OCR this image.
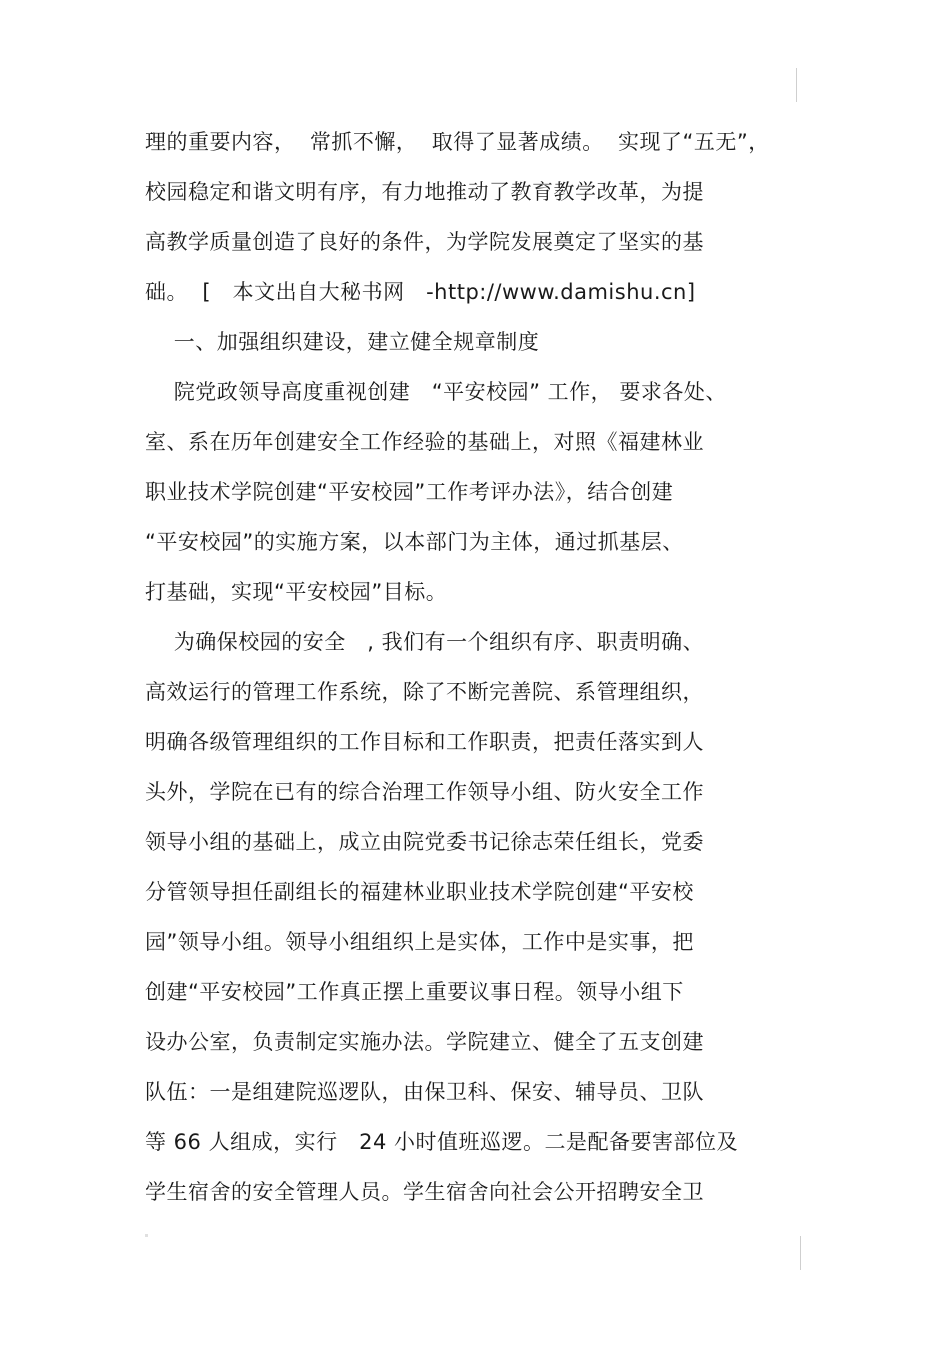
理的重要内容，  常抓不懈，  取得了显著成绩。  实现了“五无”，
校园稳定和谐文明有序，有力地推动了教育教学改革，为提
高教学质量创造了良好的条件，为学院发展奠定了坚实的基
础。  [   本文出自大秘书网   -http://www.damishu.cn]
一、加强组织建设，建立健全规章制度
院党政领导高度重视创建   “平安校园” 工作， 要求各处、
室、系在历年创建安全工作经验的基础上，对照《福建林业
职业技术学院创建“平安校园”工作考评办法》，结合创建
“平安校园”的实施方案，以本部门为主体，通过抓基层、
打基础，实现“平安校园”目标。
为确保校园的安全   , 我们有一个组织有序、职责明确、
高效运行的管理工作系统，除了不断完善院、系管理组织，
明确各级管理组织的工作目标和工作职责，把责任落实到人
头外，学院在已有的综合治理工作领导小组、防火安全工作
领导小组的基础上，成立由院党委书记徐志荣任组长，党委
分管领导担任副组长的福建林业职业技术学院创建“平安校
园”领导小组。领导小组组织上是实体，工作中是实事，把
创建“平安校园”工作真正摆上重要议事日程。领导小组下
设办公室，负责制定实施办法。学院建立、健全了五支创建
队伍：一是组建院巡逻队，由保卫科、保安、辅导员、卫队
等 66 人组成，实行   24 小时值班巡逻。二是配备要害部位及
学生宿舍的安全管理人员。学生宿舍向社会公开招聘安全卫
